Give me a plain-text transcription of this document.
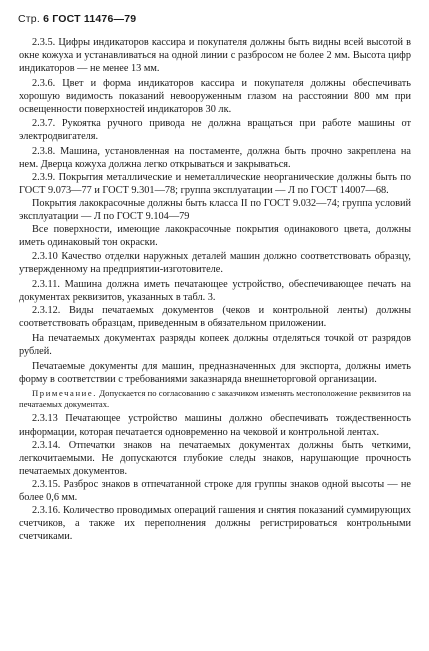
Стр. 6 ГОСТ 11476—79

2.3.5. Цифры индикаторов кассира и покупателя должны быть видны всей высотой в окне кожуха и устанавливаться на одной линии с разбросом не более 2 мм. Высота цифр индикаторов — не менее 13 мм.

2.3.6. Цвет и форма индикаторов кассира и покупателя должны обеспечивать хорошую видимость показаний невооруженным глазом на расстоянии 800 мм при освещенности поверхностей индикаторов 30 лк.

2.3.7. Рукоятка ручного привода не должна вращаться при работе машины от электродвигателя.

2.3.8. Машина, установленная на постаменте, должна быть прочно закреплена на нем. Дверца кожуха должна легко открываться и закрываться.

2.3.9. Покрытия металлические и неметаллические неорганические должны быть по ГОСТ 9.073—77 и ГОСТ 9.301—78; группа эксплуатации — Л по ГОСТ 14007—68.

Покрытия лакокрасочные должны быть класса II по ГОСТ 9.032—74; группа условий эксплуатации — Л по ГОСТ 9.104—79

Все поверхности, имеющие лакокрасочные покрытия одинакового цвета, должны иметь одинаковый тон окраски.

2.3.10 Качество отделки наружных деталей машин должно соответствовать образцу, утвержденному на предприятии-изготовителе.

2.3.11. Машина должна иметь печатающее устройство, обеспечивающее печать на документах реквизитов, указанных в табл. 3.

2.3.12. Виды печатаемых документов (чеков и контрольной ленты) должны соответствовать образцам, приведенным в обязательном приложении.

На печатаемых документах разряды копеек должны отделяться точкой от разрядов рублей.

Печатаемые документы для машин, предназначенных для экспорта, должны иметь форму в соответствии с требованиями заказнаряда внешнеторговой организации.

Примечание. Допускается по согласованию с заказчиком изменять местоположение реквизитов на печатаемых документах.

2.3.13 Печатающее устройство машины должно обеспечивать тождественность информации, которая печатается одновременно на чековой и контрольной лентах.

2.3.14. Отпечатки знаков на печатаемых документах должны быть четкими, легкочитаемыми. Не допускаются глубокие следы знаков, нарушающие прочность печатаемых документов.

2.3.15. Разброс знаков в отпечатанной строке для группы знаков одной высоты — не более 0,6 мм.

2.3.16. Количество проводимых операций гашения и снятия показаний суммирующих счетчиков, а также их переполнения должны регистрироваться контрольными счетчиками.
